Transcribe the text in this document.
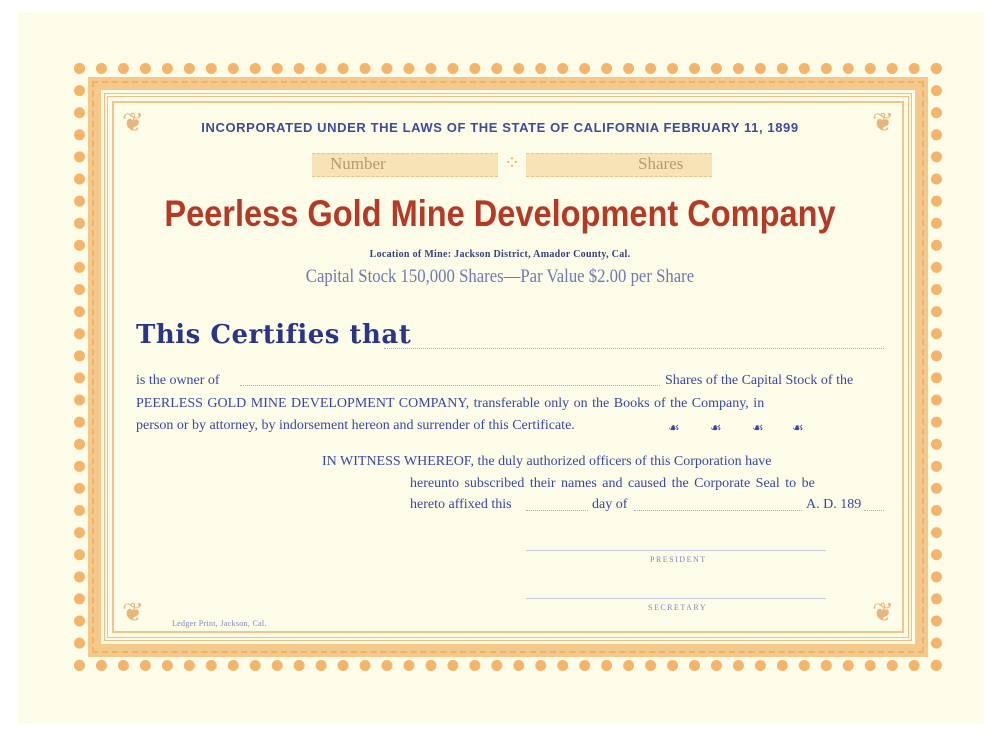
❦	❦
❦	❦
INCORPORATED UNDER THE LAWS OF THE STATE OF CALIFORNIA FEBRUARY 11, 1899
Number	Shares
⁘
Peerless Gold Mine Development Company
Location of Mine: Jackson District, Amador County, Cal.
Capital Stock 150,000 Shares—Par Value $2.00 per Share
This Certifies that
is the owner of	Shares of the Capital Stock of the
PEERLESS GOLD MINE DEVELOPMENT COMPANY, transferable only on the Books of the Company, in
person or by attorney, by indorsement hereon and surrender of this Certificate.	☙ ☙ ☙ ☙
IN WITNESS WHEREOF, the duly authorized officers of this Corporation have
hereunto subscribed their names and caused the Corporate Seal to be
hereto affixed this	day of	A. D. 189
PRESIDENT
SECRETARY
Ledger Print, Jackson, Cal.
